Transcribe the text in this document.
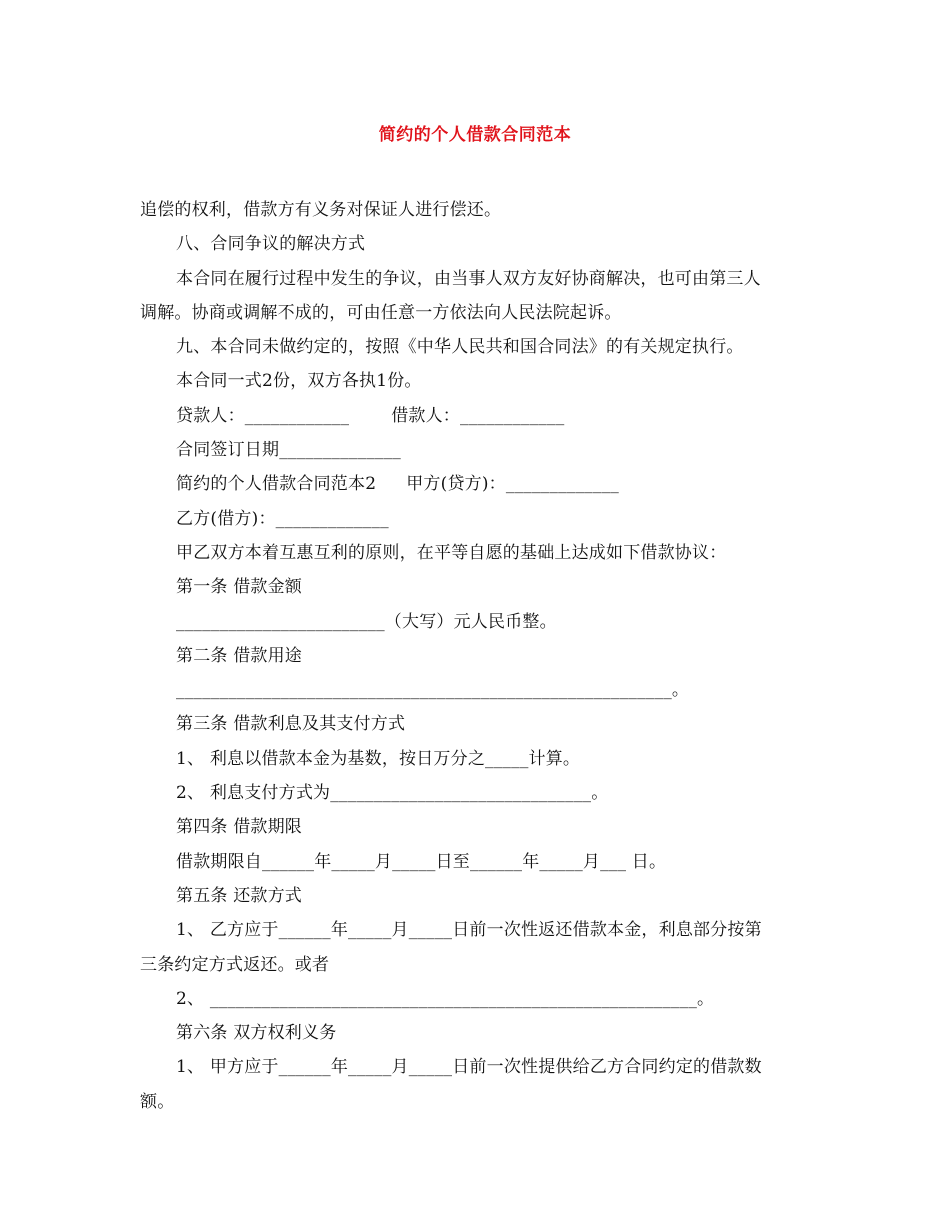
简约的个人借款合同范本
追偿的权利，借款方有义务对保证人进行偿还。
八、合同争议的解决方式
本合同在履行过程中发生的争议，由当事人双方友好协商解决，也可由第三人
调解。协商或调解不成的，可由任意一方依法向人民法院起诉。
九、本合同未做约定的，按照《中华人民共和国合同法》的有关规定执行。
本合同一式2份，双方各执1份。
贷款人：____________ 借款人：____________
合同签订日期______________
简约的个人借款合同范本2 甲方(贷方)：_____________
乙方(借方)：_____________
甲乙双方本着互惠互利的原则，在平等自愿的基础上达成如下借款协议：
第一条 借款金额
________________________（大写）元人民币整。
第二条 借款用途
_________________________________________________________。
第三条 借款利息及其支付方式
1、 利息以借款本金为基数，按日万分之_____计算。
2、 利息支付方式为______________________________。
第四条 借款期限
借款期限自______年_____月_____日至______年_____月___ 日。
第五条 还款方式
1、 乙方应于______年_____月_____日前一次性返还借款本金，利息部分按第
三条约定方式返还。或者
2、 ________________________________________________________。
第六条 双方权利义务
1、 甲方应于______年_____月_____日前一次性提供给乙方合同约定的借款数
额。
